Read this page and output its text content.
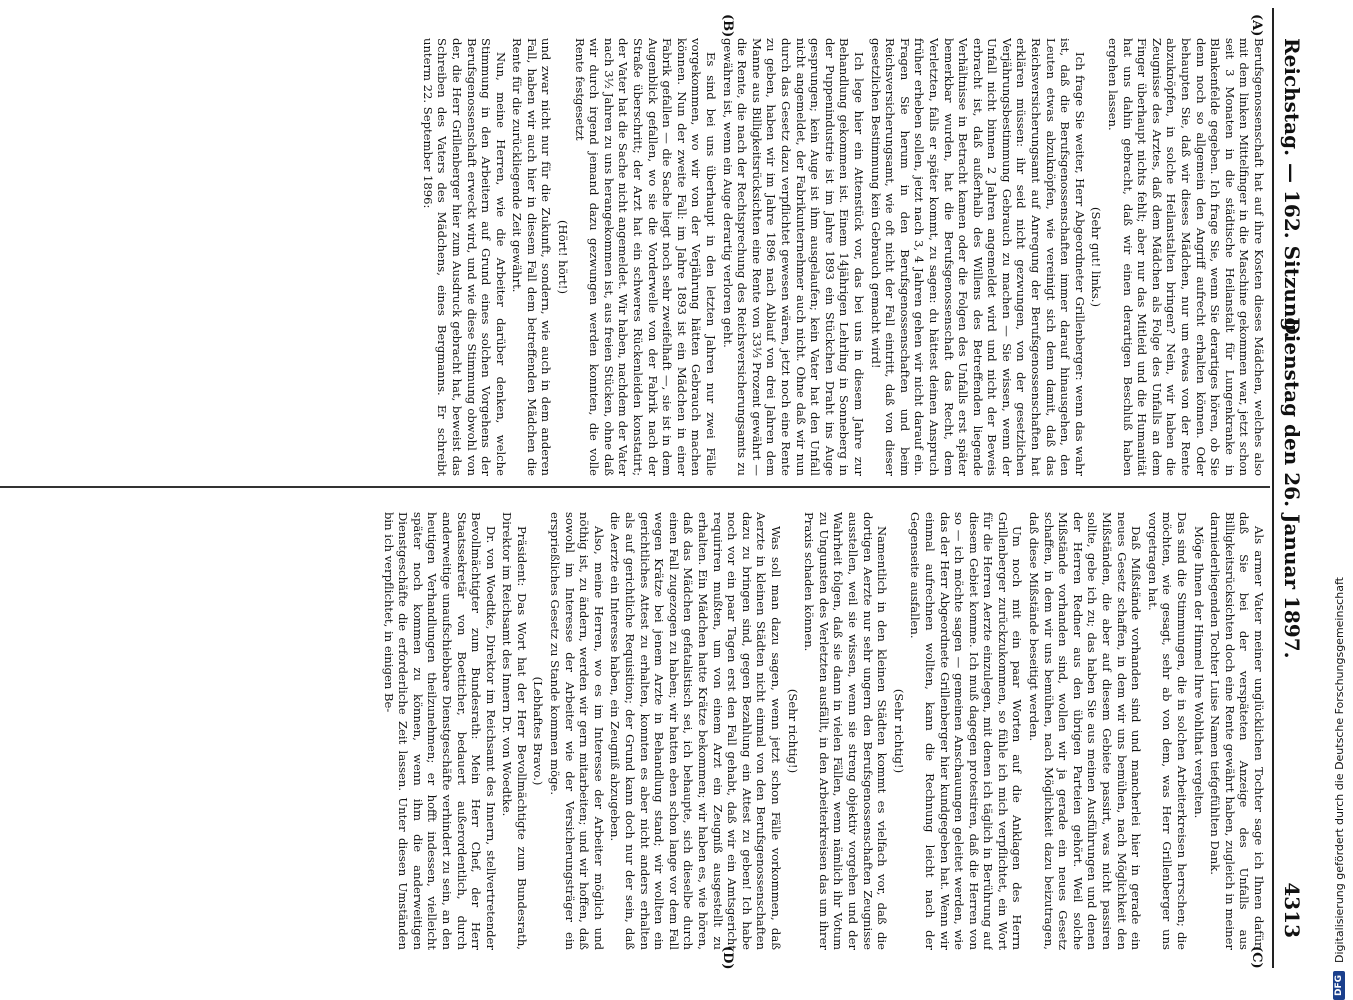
Reichstag. — 162. Sitzung.
Dienstag den 26. Januar 1897.
4313
(A)
(B)
(C)
(D)

Berufsgenossenschaft hat auf ihre Kosten dieses Mädchen, welches also mit dem linken Mittelfinger in die Maschine gekommen war, jetzt schon seit 3 Monaten in die städtische Heilanstalt für Lungenkranke in Blankenfelde gegeben. Ich frage Sie, wenn Sie derartiges hören, ob Sie denn noch so allgemein den Angriff aufrecht erhalten können. Oder behaupten Sie, daß wir dieses Mädchen, nur um etwas von der Rente abzuknöpfen, in solche Heilanstalten bringen? Nein, wir haben die Zeugnisse des Arztes, daß dem Mädchen als Folge des Unfalls an dem Finger überhaupt nichts fehlt; aber nur das Mitleid und die Humanität hat uns dahin gebracht, daß wir einen derartigen Beschluß haben ergehen lassen.

(Sehr gut! links.)

Ich frage Sie weiter, Herr Abgeordneter Grillenberger: wenn das wahr ist, daß die Berufsgenossenschaften immer darauf hinausgehen, den Leuten etwas abzuknöpfen, wie vereinigt sich denn damit, daß das Reichsversicherungsamt auf Anregung der Berufsgenossenschaften hat erklären müssen: ihr seid nicht gezwungen, von der gesetzlichen Verjährungsbestimmung Gebrauch zu machen — Sie wissen, wenn der Unfall nicht binnen 2 Jahren angemeldet wird und nicht der Beweis erbracht ist, daß außerhalb des Willens des Betreffenden liegende Verhältnisse in Betracht kamen oder die Folgen des Unfalls erst später bemerkbar wurden, hat die Berufsgenossenschaft das Recht, dem Verletzten, falls er später kommt, zu sagen: du hättest deinen Anspruch früher erheben sollen, jetzt nach 3, 4 Jahren gehen wir nicht darauf ein. Fragen Sie herum in den Berufsgenossenschaften und beim Reichsversicherungsamt, wie oft nicht der Fall eintritt, daß von dieser gesetzlichen Bestimmung kein Gebrauch gemacht wird!

Ich lege hier ein Attenstück vor, das bei uns in diesem Jahre zur Behandlung gekommen ist. Einem 14jährigen Lehrling in Sonneberg in der Puppenindustrie ist im Jahre 1893 ein Stückchen Draht ins Auge gesprungen; kein Auge ist ihm ausgelaufen; kein Vater hat den Unfall nicht angemeldet, der Fabrikunternehmer auch nicht. Ohne daß wir nun durch das Gesetz dazu verpflichtet gewesen wären, jetzt noch eine Rente zu geben, haben wir im Jahre 1896 nach Ablauf von drei Jahren dem Manne aus Billigkeitsrücksichten eine Rente von 33⅓ Prozent gewährt — die Rente, die nach der Rechtsprechung des Reichsversicherungsamts zu gewähren ist, wenn ein Auge derartig verloren geht.

Es sind bei uns überhaupt in den letzten Jahren nur zwei Fälle vorgekommen, wo wir von der Verjährung hätten Gebrauch machen können. Nun der zweite Fall: im Jahre 1893 ist ein Mädchen in einer Fabrik gefallen — die Sache liegt noch sehr zweifelhaft —, sie ist in dem Augenblick gefallen, wo sie die Vorderwelle von der Fabrik nach der Straße überschritt; der Arzt hat ein schweres Rückenleiden konstatirt; der Vater hat die Sache nicht angemeldet. Wir haben, nachdem der Vater nach 3½ Jahren zu uns herangekommen ist, aus freien Stücken, ohne daß wir durch irgend jemand dazu gezwungen werden konnten, die volle Rente festgesetzt

(Hört! hört!)

und zwar nicht nur für die Zukunft, sondern, wie auch in dem anderen Fall, haben wir auch hier in diesem Fall dem betreffenden Mädchen die Rente für die zurückliegende Zeit gewährt.

Nun, meine Herren, wie die Arbeiter darüber denken, welche Stimmung in den Arbeitern auf Grund eines solchen Vorgehens der Berufsgenossenschaft erweckt wird, und wie diese Stimmung obwohl von der, die Herr Grillenberger hier zum Ausdruck gebracht hat, beweist das Schreiben des Vaters des Mädchens, eines Bergmanns. Er schreibt unterm 22. September 1896:

Als armer Vater meiner unglücklichen Tochter sage ich Ihnen dafür, daß Sie bei der verspäteten Anzeige des Unfalls aus Billigkeitsrücksichten doch eine Rente gewährt haben, zugleich in meiner darniederliegenden Tochter Luise Namen tiefgefühlten Dank.

Möge Ihnen der Himmel Ihre Wohlthat vergelten.

Das sind die Stimmungen, die in solchen Arbeiterkreisen herrschen; die möchten, wie gesagt, sehr ab von dem, was Herr Grillenberger uns vorgetragen hat.

Daß Mißstände vorhanden sind und mancherlei hier in gerade ein neues Gesetz schaffen, in dem wir uns bemühen, nach Möglichkeit den Mißständen, die aber auf diesem Gebiete passirt, was nicht passiren sollte, gebe ich zu; das haben Sie aus meinen Ausführungen und denen der Herren Redner aus den übrigen Parteien gehört. Weil solche Mißstände vorhanden sind, wollen wir ja gerade ein neues Gesetz schaffen, in dem wir uns bemühen, nach Möglichkeit dazu beizutragen, daß diese Mißstände beseitigt werden.

Um noch mit ein paar Worten auf die Anklagen des Herrn Grillenberger zurückzukommen, so fühle ich mich verpflichtet, ein Wort für die Herren Aerzte einzulegen, mit denen ich täglich in Berührung auf diesem Gebiet komme. Ich muß dagegen protestiren, daß die Herren von so — ich möchte sagen — gemeinen Anschauungen geleitet werden, wie das der Herr Abgeordnete Grillenberger hier kundgegeben hat. Wenn wir einmal aufrechnen wollten, kann die Rechnung leicht nach der Gegenseite ausfallen.

(Sehr richtig!)

Namentlich in den kleinen Städten kommt es vielfach vor, daß die dortigen Aerzte nur sehr ungern den Berufsgenossenschaften Zeugnisse ausstellen, weil sie wissen, wenn sie streng objektiv vorgehen und der Wahrheit folgen, daß sie dann in vielen Fällen, wenn nämlich ihr Votum zu Ungunsten des Verletzten ausfällt, in den Arbeiterkreisen das um ihrer Praxis schaden können.

(Sehr richtig!)

Was soll man dazu sagen, wenn jetzt schon Fälle vorkommen, daß Aerzte in kleinen Städten nicht einmal von den Berufsgenossenschaften dazu zu bringen sind, gegen Bezahlung ein Attest zu geben! Ich habe noch vor ein paar Tagen erst den Fall gehabt, daß wir ein Amtsgericht requiriren mußten, um von einem Arzt ein Zeugniß ausgestellt zu erhalten. Ein Mädchen hatte Krätze bekommen; wir haben es, wie hören, daß das Mädchen gefatalistisch sei, ich behaupte, sich dieselbe durch einen Fall zugezogen zu haben; wir hatten eben schon lange vor dem Fall wegen Krätze bei jenem Arzte in Behandlung stand; wir wollten ein gerichtliches Attest zu erhalten, konnten es aber nicht anders erhalten als auf gerichtliche Requisition; der Grund kann doch nur der sein, daß die Aerzte ein Interesse haben, ein Zeugniß abzugeben.

Also, meine Herren, wo es im Interesse der Arbeiter möglich und nöthig ist, zu ändern, werden wir gern mitarbeiten; und wir hoffen, daß sowohl im Interesse der Arbeiter wie der Versicherungsträger ein ersprießliches Gesetz zu Stande kommen möge.

(Lebhaftes Bravo.)

Präsident: Das Wort hat der Herr Bevollmächtigte zum Bundesrath, Direktor im Reichsamt des Innern Dr. von Woedtke.

Dr. von Woedtke, Direktor im Reichsamt des Innern, stellvertretender Bevollmächtigter zum Bundesrath: Mein Herr Chef, der Herr Staatssekretär von Boetticher, bedauert außerordentlich, durch anderweitige unaufschiebbare Dienstgeschäfte verhindert zu sein, an den heutigen Verhandlungen theilzunehmen; er hofft indessen, vielleicht später noch kommen zu können, wenn ihm die anderweitigen Dienstgeschäfte die erforderliche Zeit lassen. Unter diesen Umständen bin ich verpflichtet, in einigen Be-

DFG
Digitalisierung gefördert durch die Deutsche Forschungsgemeinschaft
